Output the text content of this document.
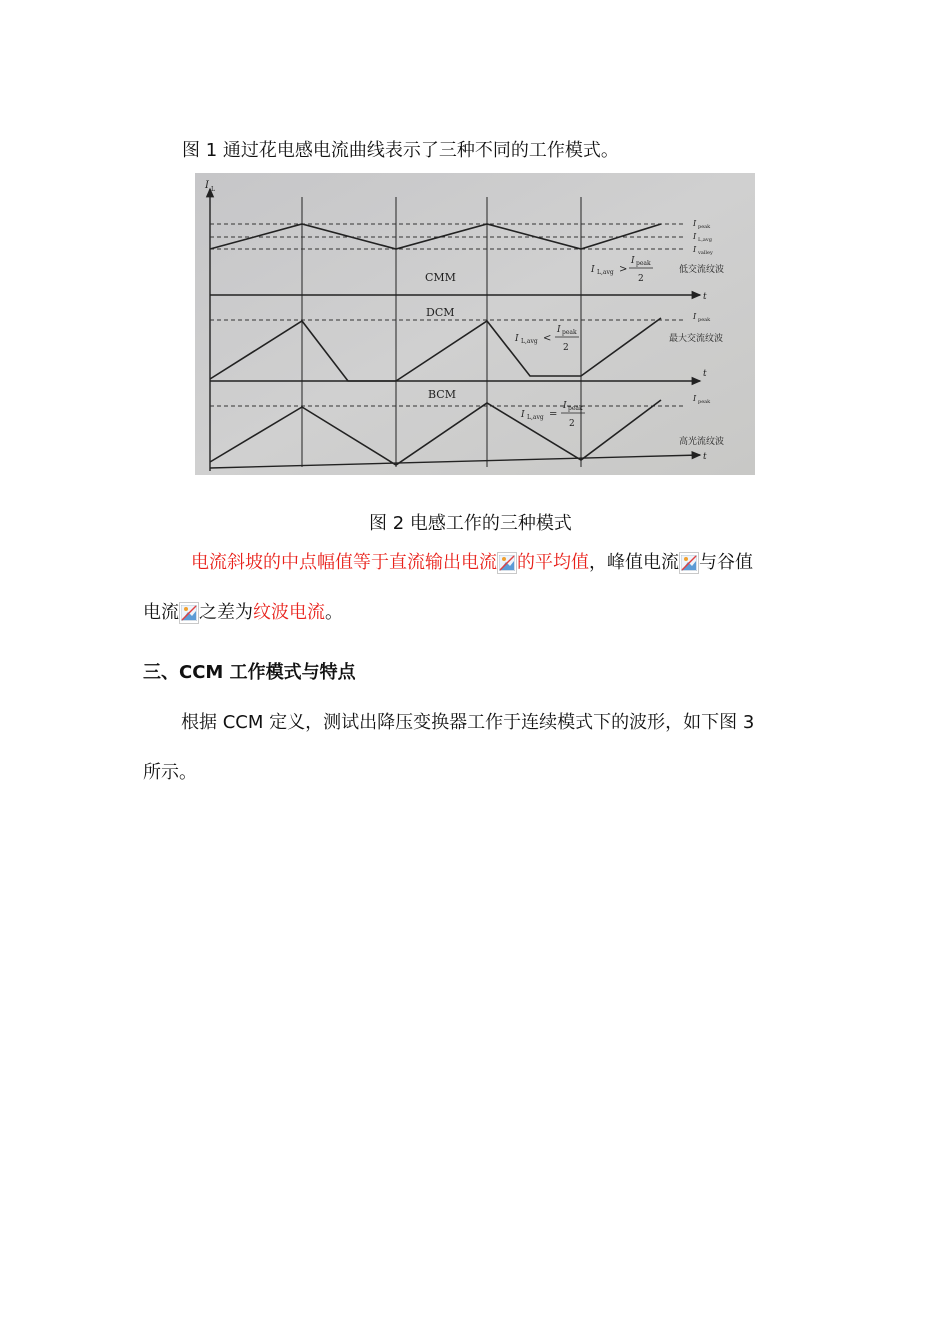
图 1 通过花电感电流曲线表示了三种不同的工作模式。
I L
t
CMM
I peak
I L,avg
I valley
I L,avg >
I peak
2
低交流纹波
t
DCM	I peak
I L,avg <
I peak
2
最大交流纹波
t
BCM	I peak
I L,avg =
I peak
2
高光流纹波
图 2 电感工作的三种模式
电流斜坡的中点幅值等于直流输出电流 的平均值，峰值电流 与谷值
电流 之差为纹波电流。
三、CCM 工作模式与特点
根据 CCM 定义，测试出降压变换器工作于连续模式下的波形，如下图 3
所示。
